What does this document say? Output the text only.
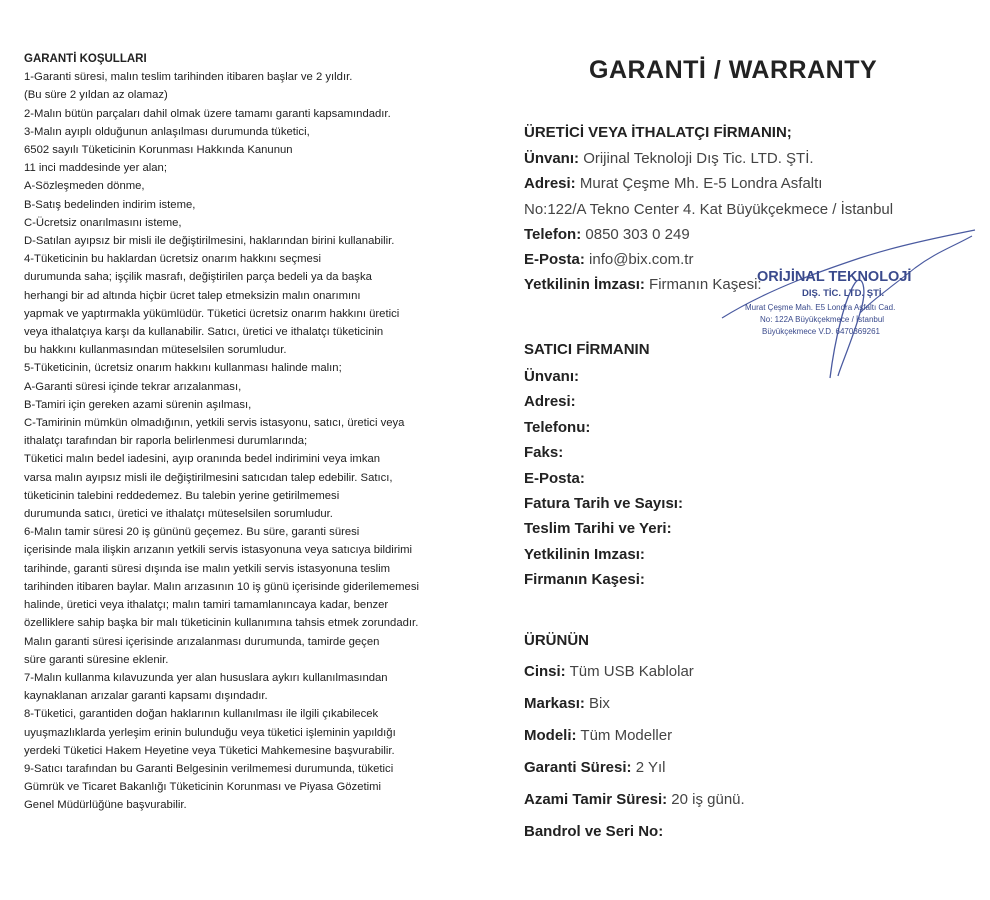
GARANTİ KOŞULLARI
1-Garanti süresi, malın teslim tarihinden itibaren başlar ve 2 yıldır.
(Bu süre 2 yıldan az olamaz)
2-Malın bütün parçaları dahil olmak üzere tamamı garanti kapsamındadır.
3-Malın ayıplı olduğunun anlaşılması durumunda tüketici,
6502 sayılı Tüketicinin Korunması Hakkında Kanunun
11 inci maddesinde yer alan;
A-Sözleşmeden dönme,
B-Satış bedelinden indirim isteme,
C-Ücretsiz onarılmasını isteme,
D-Satılan ayıpsız bir misli ile değiştirilmesini, haklarından birini kullanabilir.
4-Tüketicinin bu haklardan ücretsiz onarım hakkını seçmesi
durumunda saha; işçilik masrafı, değiştirilen parça bedeli ya da başka
herhangi bir ad altında hiçbir ücret talep etmeksizin malın onarımını
yapmak ve yaptırmakla yükümlüdür. Tüketici ücretsiz onarım hakkını üretici
veya ithalatçıya karşı da kullanabilir. Satıcı, üretici ve ithalatçı tüketicinin
bu hakkını kullanmasından müteselsilen sorumludur.
5-Tüketicinin, ücretsiz onarım hakkını kullanması halinde malın;
A-Garanti süresi içinde tekrar arızalanması,
B-Tamiri için gereken azami sürenin aşılması,
C-Tamirinin mümkün olmadığının, yetkili servis istasyonu, satıcı, üretici veya
ithalatçı tarafından bir raporla belirlenmesi durumlarında;
Tüketici malın bedel iadesini, ayıp oranında bedel indirimini veya imkan
varsa malın ayıpsız misli ile değiştirilmesini satıcıdan talep edebilir. Satıcı,
tüketicinin talebini reddedemez. Bu talebin yerine getirilmemesi
durumunda satıcı, üretici ve ithalatçı müteselsilen sorumludur.
6-Malın tamir süresi 20 iş gününü geçemez. Bu süre, garanti süresi
içerisinde mala ilişkin arızanın yetkili servis istasyonuna veya satıcıya bildirimi
tarihinde, garanti süresi dışında ise malın yetkili servis istasyonuna teslim
tarihinden itibaren baylar. Malın arızasının 10 iş günü içerisinde giderilememesi
halinde, üretici veya ithalatçı; malın tamiri tamamlanıncaya kadar, benzer
özelliklere sahip başka bir malı tüketicinin kullanımına tahsis etmek zorundadır.
Malın garanti süresi içerisinde arızalanması durumunda, tamirde geçen
süre garanti süresine eklenir.
7-Malın kullanma kılavuzunda yer alan hususlara aykırı kullanılmasından
kaynaklanan arızalar garanti kapsamı dışındadır.
8-Tüketici, garantiden doğan haklarının kullanılması ile ilgili çıkabilecek
uyuşmazlıklarda yerleşim erinin bulunduğu veya tüketici işleminin yapıldığı
yerdeki Tüketici Hakem Heyetine veya Tüketici Mahkemesine başvurabilir.
9-Satıcı tarafından bu Garanti Belgesinin verilmemesi durumunda, tüketici
Gümrük ve Ticaret Bakanlığı Tüketicinin Korunması ve Piyasa Gözetimi
Genel Müdürlüğüne başvurabilir.
GARANTİ / WARRANTY
ÜRETİCİ VEYA İTHALATÇI FİRMANIN;
Ünvanı: Orijinal Teknoloji Dış Tic. LTD. ŞTİ.
Adresi: Murat Çeşme Mh. E-5 Londra Asfaltı
No:122/A Tekno Center 4. Kat Büyükçekmece / İstanbul
Telefon: 0850 303 0 249
E-Posta: info@bix.com.tr
Yetkilinin İmzası: Firmanın Kaşesi:
SATICI FİRMANIN
Ünvanı:
Adresi:
Telefonu:
Faks:
E-Posta:
Fatura Tarih ve Sayısı:
Teslim Tarihi ve Yeri:
Yetkilinin Imzası:
Firmanın Kaşesi:
ÜRÜNÜN
Cinsi: Tüm USB Kablolar
Markası: Bix
Modeli: Tüm Modeller
Garanti Süresi: 2 Yıl
Azami Tamir Süresi: 20 iş günü.
Bandrol ve Seri No:
ORİJİNAL TEKNOLOJİ
DIŞ. TİC. LTD. ŞTİ.
Murat Çeşme Mah. E5 Londra Asfaltı Cad.
No: 122A Büyükçekmece / İstanbul
Büyükçekmece V.D. 6470369261
